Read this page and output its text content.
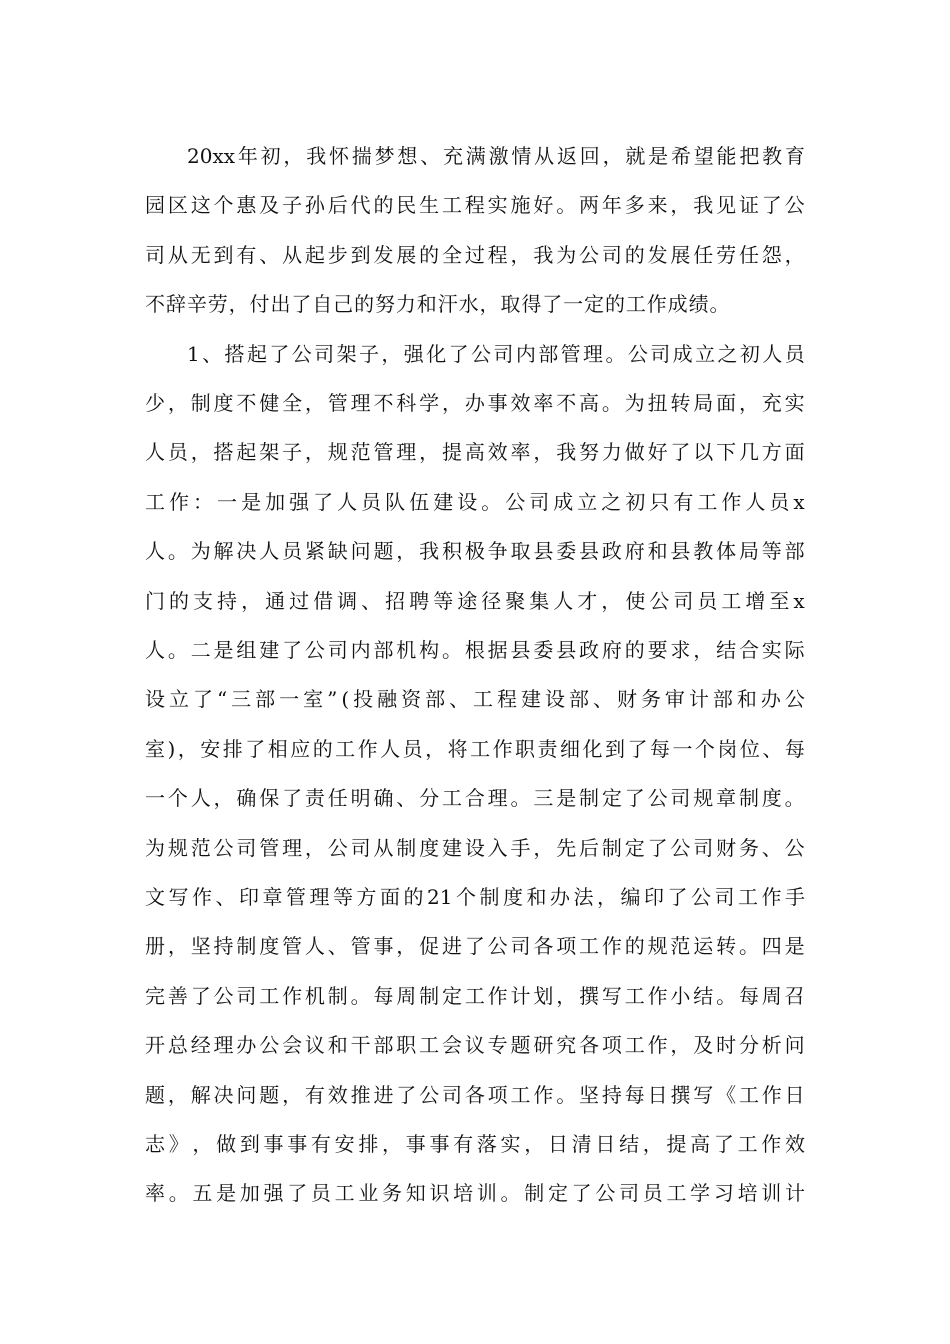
20xx 年 初 ， 我 怀 揣 梦 想 、 充 满 激 情 从 返 回 ， 就 是 希 望 能 把 教 育
园 区 这 个 惠 及 子 孙 后 代 的 民 生 工 程 实 施 好 。 两 年 多 来 ， 我 见 证 了 公
司 从 无 到 有 、 从 起 步 到 发 展 的 全 过 程 ， 我 为 公 司 的 发 展 任 劳 任 怨 ，
不 辞 辛 劳 ， 付 出 了 自 己 的 努 力 和 汗 水 ， 取 得 了 一 定 的 工 作 成 绩 。
1 、 搭 起 了 公 司 架 子 ， 强 化 了 公 司 内 部 管 理 。 公 司 成 立 之 初 人 员
少 ， 制 度 不 健 全 ， 管 理 不 科 学 ， 办 事 效 率 不 高 。 为 扭 转 局 面 ， 充 实
人 员 ， 搭 起 架 子 ， 规 范 管 理 ， 提 高 效 率 ， 我 努 力 做 好 了 以 下 几 方 面
工 作 ： 一 是 加 强 了 人 员 队 伍 建 设 。 公 司 成 立 之 初 只 有 工 作 人 员 x
人 。 为 解 决 人 员 紧 缺 问 题 ， 我 积 极 争 取 县 委 县 政 府 和 县 教 体 局 等 部
门 的 支 持 ， 通 过 借 调 、 招 聘 等 途 径 聚 集 人 才 ， 使 公 司 员 工 增 至 x
人 。 二 是 组 建 了 公 司 内 部 机 构 。 根 据 县 委 县 政 府 的 要 求 ， 结 合 实 际
设 立 了 “ 三 部 一 室 ” ( 投 融 资 部 、 工 程 建 设 部 、 财 务 审 计 部 和 办 公
室 ) ， 安 排 了 相 应 的 工 作 人 员 ， 将 工 作 职 责 细 化 到 了 每 一 个 岗 位 、 每
一 个 人 ， 确 保 了 责 任 明 确 、 分 工 合 理 。 三 是 制 定 了 公 司 规 章 制 度 。
为 规 范 公 司 管 理 ， 公 司 从 制 度 建 设 入 手 ， 先 后 制 定 了 公 司 财 务 、 公
文 写 作 、 印 章 管 理 等 方 面 的 21 个 制 度 和 办 法 ， 编 印 了 公 司 工 作 手
册 ， 坚 持 制 度 管 人 、 管 事 ， 促 进 了 公 司 各 项 工 作 的 规 范 运 转 。 四 是
完 善 了 公 司 工 作 机 制 。 每 周 制 定 工 作 计 划 ， 撰 写 工 作 小 结 。 每 周 召
开 总 经 理 办 公 会 议 和 干 部 职 工 会 议 专 题 研 究 各 项 工 作 ， 及 时 分 析 问
题 ， 解 决 问 题 ， 有 效 推 进 了 公 司 各 项 工 作 。 坚 持 每 日 撰 写 《 工 作 日
志 》 ， 做 到 事 事 有 安 排 ， 事 事 有 落 实 ， 日 清 日 结 ， 提 高 了 工 作 效
率 。 五 是 加 强 了 员 工 业 务 知 识 培 训 。 制 定 了 公 司 员 工 学 习 培 训 计
